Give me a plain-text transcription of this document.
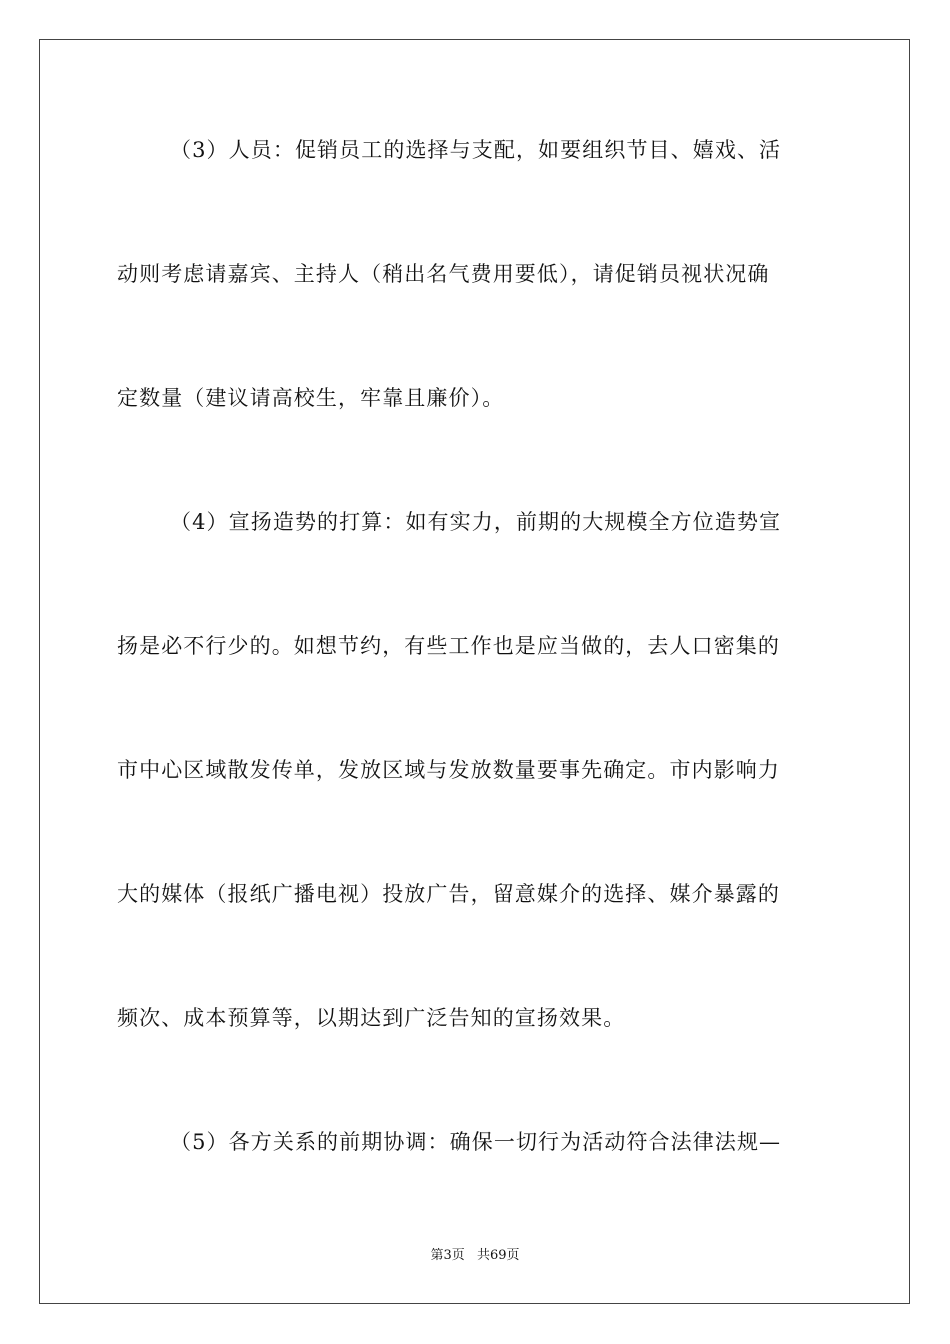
（3）人员：促销员工的选择与支配，如要组织节目、嬉戏、活
动则考虑请嘉宾、主持人（稍出名气费用要低），请促销员视状况确
定数量（建议请高校生，牢靠且廉价）。
（4）宣扬造势的打算：如有实力，前期的大规模全方位造势宣
扬是必不行少的。如想节约，有些工作也是应当做的，去人口密集的
市中心区域散发传单，发放区域与发放数量要事先确定。市内影响力
大的媒体（报纸广播电视）投放广告，留意媒介的选择、媒介暴露的
频次、成本预算等，以期达到广泛告知的宣扬效果。
（5）各方关系的前期协调：确保一切行为活动符合法律法规—
第3页 共69页
